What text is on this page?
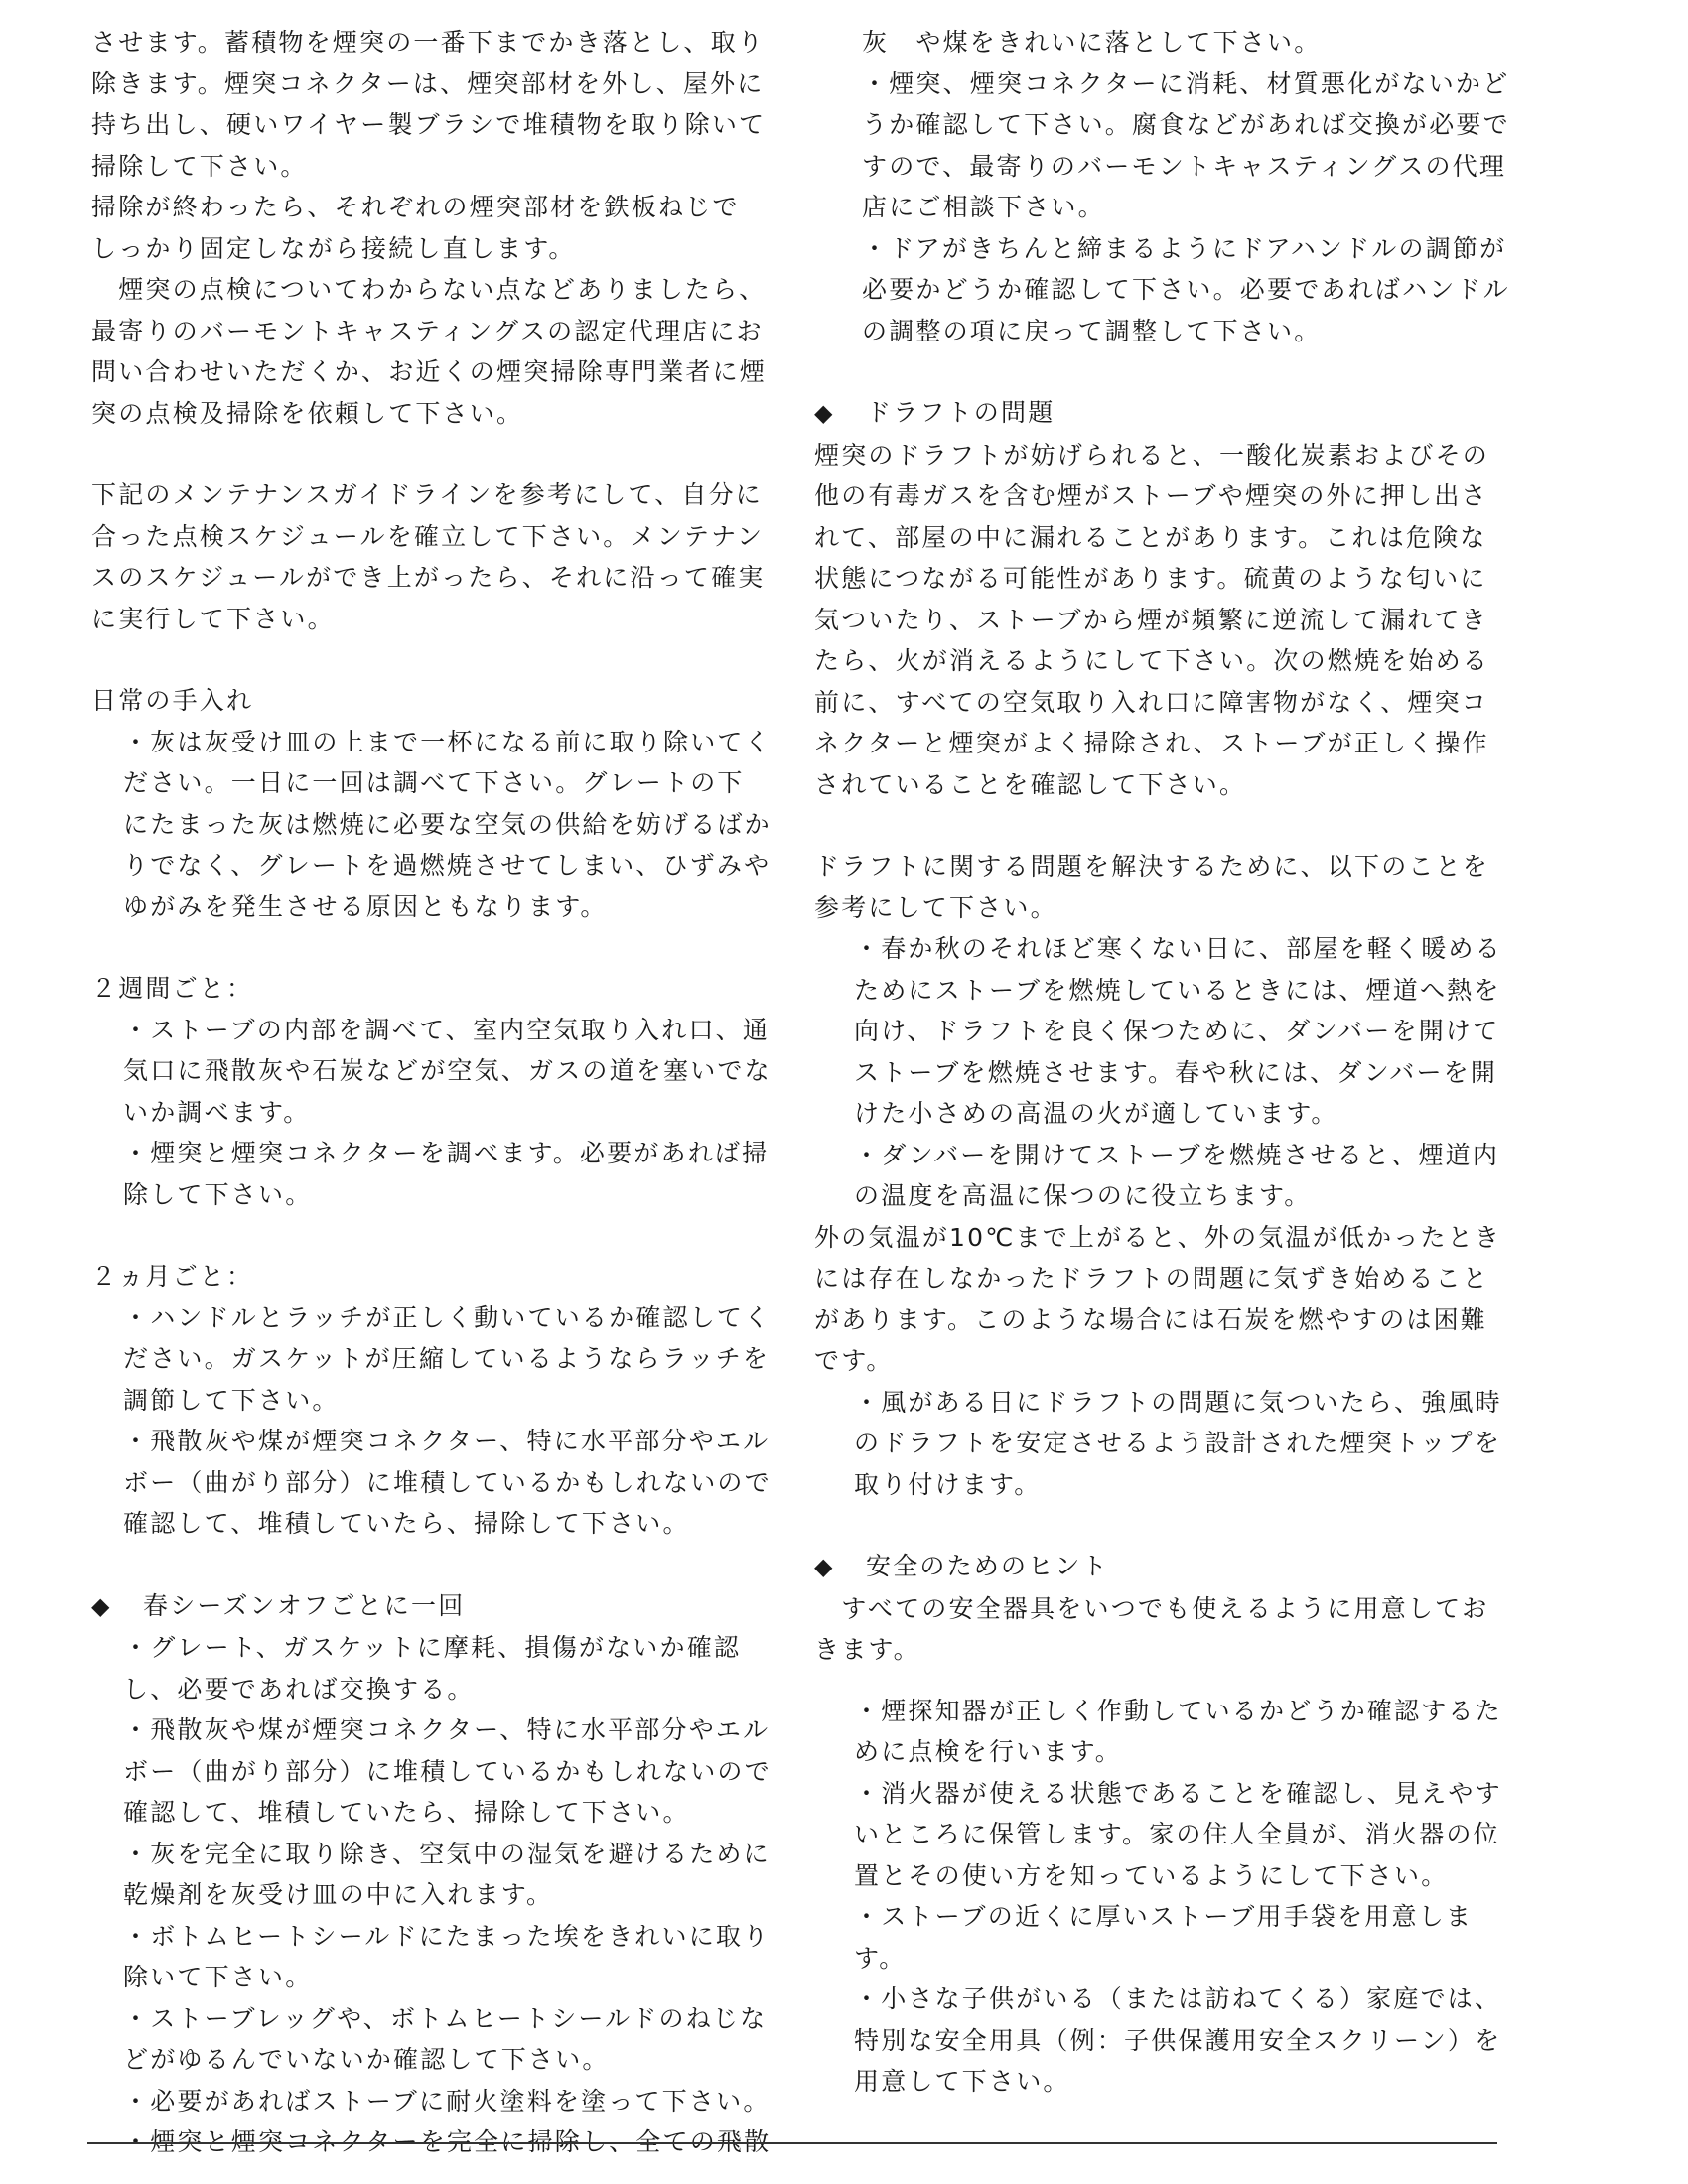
させます。蓄積物を煙突の一番下までかき落とし、取り

除きます。煙突コネクターは、煙突部材を外し、屋外に

持ち出し、硬いワイヤー製ブラシで堆積物を取り除いて

掃除して下さい。

掃除が終わったら、それぞれの煙突部材を鉄板ねじで

しっかり固定しながら接続し直します。

　煙突の点検についてわからない点などありましたら、

最寄りのバーモントキャスティングスの認定代理店にお

問い合わせいただくか、お近くの煙突掃除専門業者に煙

突の点検及掃除を依頼して下さい。

下記のメンテナンスガイドラインを参考にして、自分に

合った点検スケジュールを確立して下さい。メンテナン

スのスケジュールができ上がったら、それに沿って確実

に実行して下さい。

日常の手入れ

・灰は灰受け皿の上まで一杯になる前に取り除いてく

ださい。一日に一回は調べて下さい。グレートの下

にたまった灰は燃焼に必要な空気の供給を妨げるばか

りでなく、グレートを過燃焼させてしまい、ひずみや

ゆがみを発生させる原因ともなります。

２週間ごと：

・ストーブの内部を調べて、室内空気取り入れ口、通

気口に飛散灰や石炭などが空気、ガスの道を塞いでな

いか調べます。

・煙突と煙突コネクターを調べます。必要があれば掃

除して下さい。

２ヵ月ごと：

・ハンドルとラッチが正しく動いているか確認してく

ださい。ガスケットが圧縮しているようならラッチを

調節して下さい。

・飛散灰や煤が煙突コネクター、特に水平部分やエル

ボー（曲がり部分）に堆積しているかもしれないので

確認して、堆積していたら、掃除して下さい。

◆ 春シーズンオフごとに一回

・グレート、ガスケットに摩耗、損傷がないか確認

し、必要であれば交換する。

・飛散灰や煤が煙突コネクター、特に水平部分やエル

ボー（曲がり部分）に堆積しているかもしれないので

確認して、堆積していたら、掃除して下さい。

・灰を完全に取り除き、空気中の湿気を避けるために

乾燥剤を灰受け皿の中に入れます。

・ボトムヒートシールドにたまった埃をきれいに取り

除いて下さい。

・ストーブレッグや、ボトムヒートシールドのねじな

どがゆるんでいないか確認して下さい。

・必要があればストーブに耐火塗料を塗って下さい。

・煙突と煙突コネクターを完全に掃除し、全ての飛散

灰　や煤をきれいに落として下さい。

・煙突、煙突コネクターに消耗、材質悪化がないかど

うか確認して下さい。腐食などがあれば交換が必要で

すので、最寄りのバーモントキャスティングスの代理

店にご相談下さい。

・ドアがきちんと締まるようにドアハンドルの調節が

必要かどうか確認して下さい。必要であればハンドル

の調整の項に戻って調整して下さい。

◆ ドラフトの問題

煙突のドラフトが妨げられると、一酸化炭素およびその

他の有毒ガスを含む煙がストーブや煙突の外に押し出さ

れて、部屋の中に漏れることがあります。これは危険な

状態につながる可能性があります。硫黄のような匂いに

気ついたり、ストーブから煙が頻繁に逆流して漏れてき

たら、火が消えるようにして下さい。次の燃焼を始める

前に、すべての空気取り入れ口に障害物がなく、煙突コ

ネクターと煙突がよく掃除され、ストーブが正しく操作

されていることを確認して下さい。

ドラフトに関する問題を解決するために、以下のことを

参考にして下さい。

・春か秋のそれほど寒くない日に、部屋を軽く暖める

ためにストーブを燃焼しているときには、煙道へ熱を

向け、ドラフトを良く保つために、ダンバーを開けて

ストーブを燃焼させます。春や秋には、ダンバーを開

けた小さめの高温の火が適しています。

・ダンバーを開けてストーブを燃焼させると、煙道内

の温度を高温に保つのに役立ちます。

外の気温が10℃まで上がると、外の気温が低かったとき

には存在しなかったドラフトの問題に気ずき始めること

があります。このような場合には石炭を燃やすのは困難

です。

・風がある日にドラフトの問題に気ついたら、強風時

のドラフトを安定させるよう設計された煙突トップを

取り付けます。

◆ 安全のためのヒント

　すべての安全器具をいつでも使えるように用意してお

きます。

・煙探知器が正しく作動しているかどうか確認するた

めに点検を行います。

・消火器が使える状態であることを確認し、見えやす

いところに保管します。家の住人全員が、消火器の位

置とその使い方を知っているようにして下さい。

・ストーブの近くに厚いストーブ用手袋を用意しま

す。

・小さな子供がいる（または訪ねてくる）家庭では、

特別な安全用具（例：子供保護用安全スクリーン）を

用意して下さい。
